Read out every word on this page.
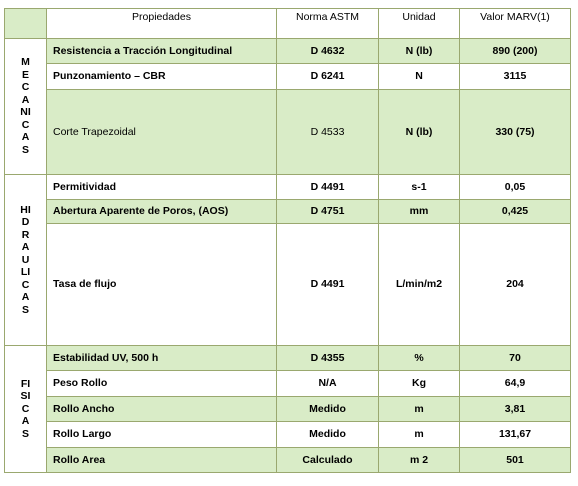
	Propiedades	Norma ASTM	Unidad	Valor MARV(1)
MECANICAS	Resistencia a Tracción Longitudinal	D 4632	N (lb)	890 (200)
	Punzonamiento – CBR	D 6241	N	3115
	Corte Trapezoidal	D 4533	N (lb)	330 (75)
HIDRAULICAS	Permitividad	D 4491	s-1	0,05
	Abertura Aparente de Poros, (AOS)	D 4751	mm	0,425
	Tasa de flujo	D 4491	L/min/m2	204
FISICAS	Estabilidad UV, 500 h	D 4355	%	70
	Peso Rollo	N/A	Kg	64,9
	Rollo Ancho	Medido	m	3,81
	Rollo Largo	Medido	m	131,67
	Rollo Area	Calculado	m 2	501
